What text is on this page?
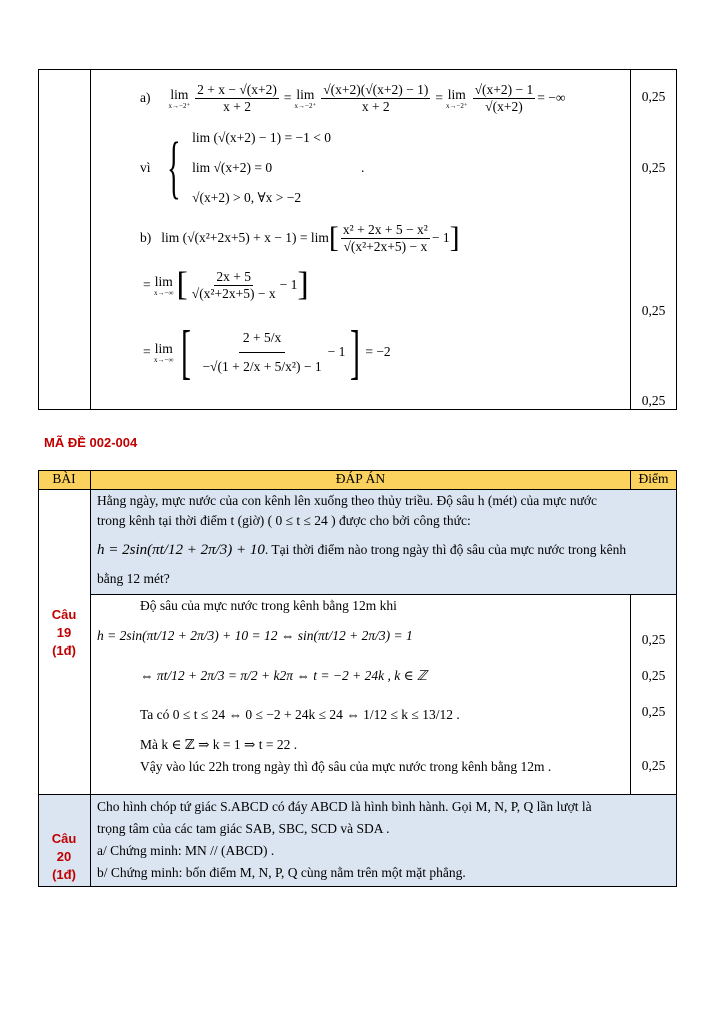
a) lim
$x\to-2^+ \frac{2 + x - √(x+2)}{x + 2} = \lim$
$x\to-2^+ \frac{√(x+2)(√(x+2) - 1)}{x + 2} = \lim$
$x\to-2^+ \frac{√(x+2) - 1}{√(x+2)}$ = −∞
vì { lim (√(x+2) − 1) = −1 < 0
lim √(x+2) = 0
√(x+2) > 0, ∀x > −2
.
b) lim (√(x²+2x+5) + x − 1) = lim [ $\frac{\text{x² + 2x + 5 − x²}}{\text{√(x²+2x+5) − x}} - 1$ ]
= lim
x→−∞ [ $\frac{2x + 5}{\text{√(x²+2x+5) − x}} - 1$ ]
= lim
x→−∞ [ $\frac{2 + 5/x}{\text{−√(1 + 2/x + 5/x²) − 1}} - 1$ ] = −2
0,25
0,25
0,25
0,25
MÃ ĐỀ 002-004
BÀI	ĐÁP ÁN	Điểm
Câu
19
(1đ)
Hằng ngày, mực nước của con kênh lên xuống theo thủy triều. Độ sâu h (mét) của mực nước
trong kênh tại thời điểm t (giờ) ( 0 ≤ t ≤ 24 ) được cho bởi công thức:
h = 2sin(πt/12 + 2π/3) + 10 . Tại thời điểm nào trong ngày thì độ sâu của mực nước trong kênh
bằng 12 mét?
Độ sâu của mực nước trong kênh bằng 12m khi
h = 2sin(πt/12 + 2π/3) + 10 = 12 ⇔ sin(πt/12 + 2π/3) = 1
⇔ πt/12 + 2π/3 = π/2 + k2π ⇔ t = −2 + 24k , k ∈ ℤ
Ta có 0 ≤ t ≤ 24 ⇔ 0 ≤ −2 + 24k ≤ 24 ⇔ 1/12 ≤ k ≤ 13/12 .
Mà k ∈ ℤ ⇒ k = 1 ⇒ t = 22 .
Vậy vào lúc 22h trong ngày thì độ sâu của mực nước trong kênh bằng 12m .
0,25
0,25
0,25
0,25
Câu
20
(1đ)
Cho hình chóp tứ giác S.ABCD có đáy ABCD là hình bình hành. Gọi M, N, P, Q lần lượt là
trọng tâm của các tam giác SAB, SBC, SCD và SDA .
a/ Chứng minh: MN // (ABCD) .
b/ Chứng minh: bốn điểm M, N, P, Q cùng nằm trên một mặt phẳng.
